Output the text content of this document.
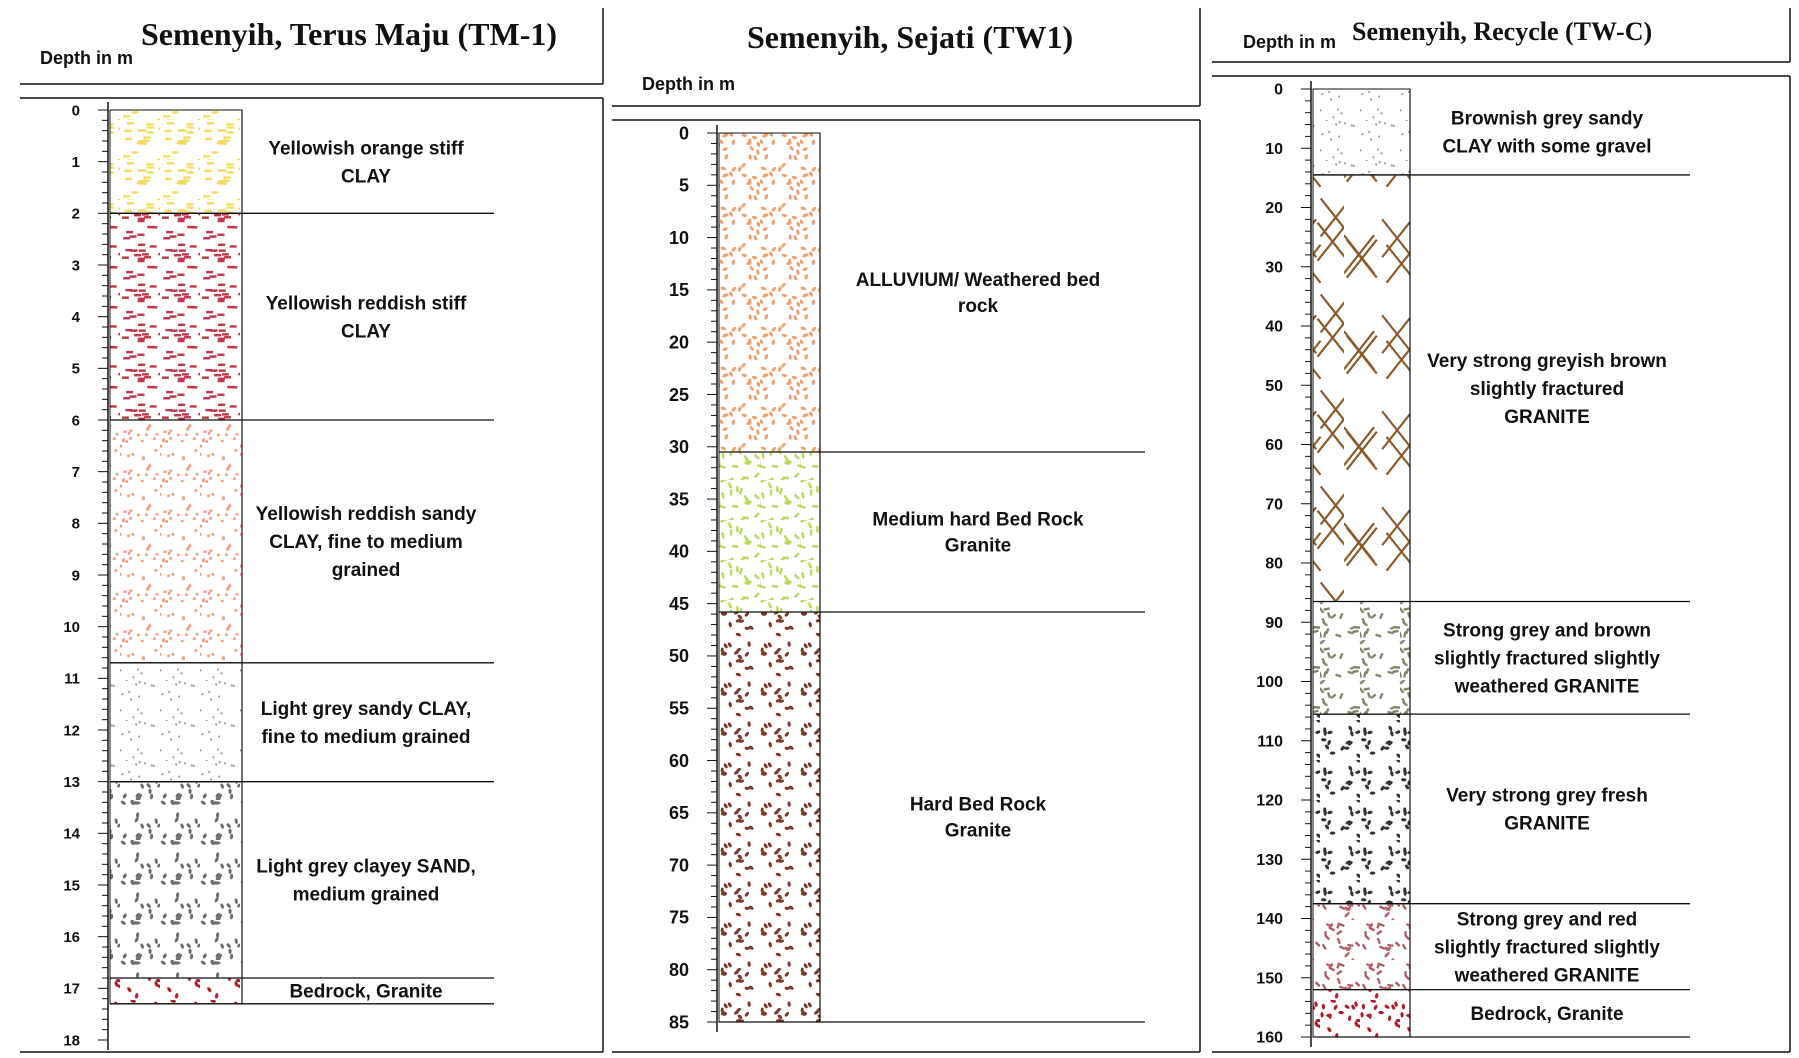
Depth in m
Semenyih, Terus Maju (TM-1)
Yellowish orange stiff
CLAY
Yellowish reddish stiff
CLAY
Yellowish reddish sandy
CLAY, fine to medium
grained
Light grey sandy CLAY,
fine to medium grained
Light grey clayey SAND,
medium grained
Bedrock, Granite
0
1
2
3
4
5
6
7
8
9
10
11
12
13
14
15
16
17
18
Depth in m
Semenyih, Sejati (TW1)
ALLUVIUM/ Weathered bed
rock
Medium hard Bed Rock
Granite
Hard Bed Rock
Granite
0
5
10
15
20
25
30
35
40
45
50
55
60
65
70
75
80
85
Depth in m Semenyih, Recycle (TW-C)
Brownish grey sandy
CLAY with some gravel
Very strong greyish brown
slightly fractured
GRANITE
Strong grey and brown
slightly fractured slightly
weathered GRANITE
Very strong grey fresh
GRANITE
Strong grey and red
slightly fractured slightly
weathered GRANITE
Bedrock, Granite
0
10
20
30
40
50
60
70
80
90
100
110
120
130
140
150
160
